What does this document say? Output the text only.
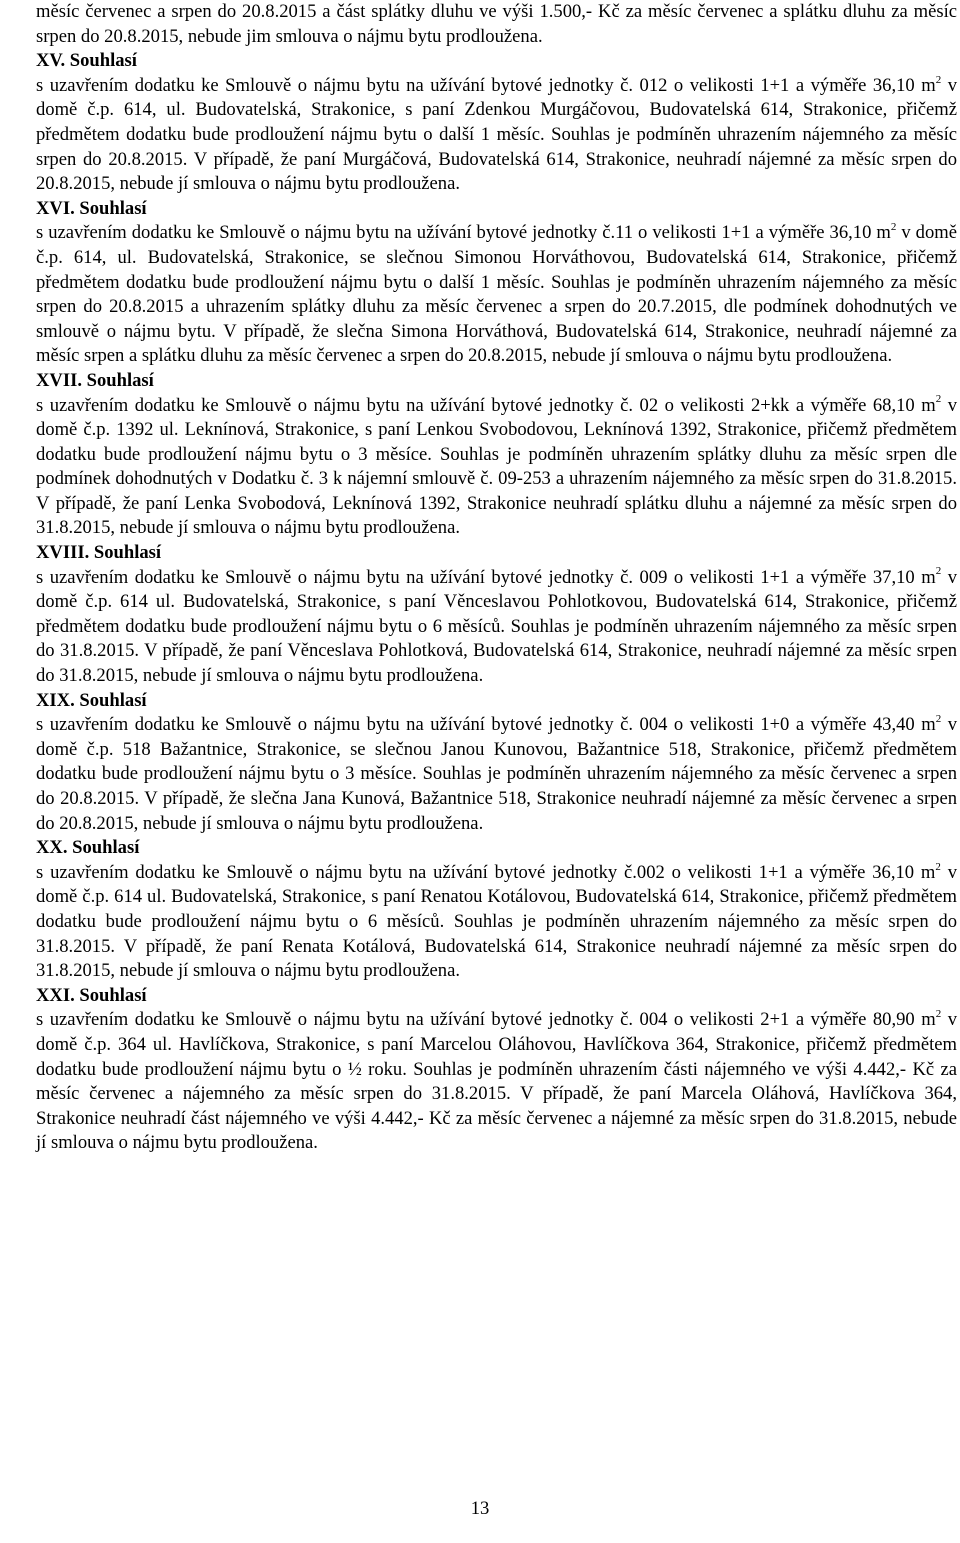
měsíc červenec a srpen do 20.8.2015 a část splátky dluhu ve výši 1.500,- Kč za měsíc červenec a splátku dluhu za měsíc srpen do 20.8.2015, nebude jim smlouva o nájmu bytu prodloužena.

XV. Souhlasí

s uzavřením dodatku ke Smlouvě o nájmu bytu na užívání bytové jednotky č. 012 o velikosti 1+1 a výměře 36,10 $m^2$ v domě č.p. 614, ul. Budovatelská, Strakonice, s paní Zdenkou Murgáčovou, Budovatelská 614, Strakonice, přičemž předmětem dodatku bude prodloužení nájmu bytu o další 1 měsíc. Souhlas je podmíněn uhrazením nájemného za měsíc srpen do 20.8.2015. V případě, že paní Murgáčová, Budovatelská 614, Strakonice, neuhradí nájemné za měsíc srpen do 20.8.2015, nebude jí smlouva o nájmu bytu prodloužena.

XVI. Souhlasí

s uzavřením dodatku ke Smlouvě o nájmu bytu na užívání bytové jednotky č.11 o velikosti 1+1 a výměře 36,10 $m^2$ v domě č.p. 614, ul. Budovatelská, Strakonice, se slečnou Simonou Horváthovou, Budovatelská 614, Strakonice, přičemž předmětem dodatku bude prodloužení nájmu bytu o další 1 měsíc. Souhlas je podmíněn uhrazením nájemného za měsíc srpen do 20.8.2015 a uhrazením splátky dluhu za měsíc červenec a srpen do 20.7.2015, dle podmínek dohodnutých ve smlouvě o nájmu bytu. V případě, že slečna Simona Horváthová, Budovatelská 614, Strakonice, neuhradí nájemné za měsíc srpen a splátku dluhu za měsíc červenec a srpen do 20.8.2015, nebude jí smlouva o nájmu bytu prodloužena.

XVII. Souhlasí

s uzavřením dodatku ke Smlouvě o nájmu bytu na užívání bytové jednotky č. 02 o velikosti 2+kk a výměře 68,10 $m^2$ v domě č.p. 1392 ul. Leknínová, Strakonice, s paní Lenkou Svobodovou, Leknínová 1392, Strakonice, přičemž předmětem dodatku bude prodloužení nájmu bytu o 3 měsíce. Souhlas je podmíněn uhrazením splátky dluhu za měsíc srpen dle podmínek dohodnutých v Dodatku č. 3 k nájemní smlouvě č. 09-253 a uhrazením nájemného za měsíc srpen do 31.8.2015. V případě, že paní Lenka Svobodová, Leknínová 1392, Strakonice neuhradí splátku dluhu a nájemné za měsíc srpen do 31.8.2015, nebude jí smlouva o nájmu bytu prodloužena.

XVIII. Souhlasí

s uzavřením dodatku ke Smlouvě o nájmu bytu na užívání bytové jednotky č. 009 o velikosti 1+1 a výměře 37,10 $m^2$ v domě č.p. 614 ul. Budovatelská, Strakonice, s paní Věnceslavou Pohlotkovou, Budovatelská 614, Strakonice, přičemž předmětem dodatku bude prodloužení nájmu bytu o 6 měsíců. Souhlas je podmíněn uhrazením nájemného za měsíc srpen do 31.8.2015. V případě, že paní Věnceslava Pohlotková, Budovatelská 614, Strakonice, neuhradí nájemné za měsíc srpen do 31.8.2015, nebude jí smlouva o nájmu bytu prodloužena.

XIX. Souhlasí

s uzavřením dodatku ke Smlouvě o nájmu bytu na užívání bytové jednotky č. 004 o velikosti 1+0 a výměře 43,40 $m^2$ v domě č.p. 518 Bažantnice, Strakonice, se slečnou Janou Kunovou, Bažantnice 518, Strakonice, přičemž předmětem dodatku bude prodloužení nájmu bytu o 3 měsíce. Souhlas je podmíněn uhrazením nájemného za měsíc červenec a srpen do 20.8.2015. V případě, že slečna Jana Kunová, Bažantnice 518, Strakonice neuhradí nájemné za měsíc červenec a srpen do 20.8.2015, nebude jí smlouva o nájmu bytu prodloužena.

XX. Souhlasí

s uzavřením dodatku ke Smlouvě o nájmu bytu na užívání bytové jednotky č.002 o velikosti 1+1 a výměře 36,10 $m^2$ v domě č.p. 614 ul. Budovatelská, Strakonice, s paní Renatou Kotálovou, Budovatelská 614, Strakonice, přičemž předmětem dodatku bude prodloužení nájmu bytu o 6 měsíců. Souhlas je podmíněn uhrazením nájemného za měsíc srpen do 31.8.2015. V případě, že paní Renata Kotálová, Budovatelská 614, Strakonice neuhradí nájemné za měsíc srpen do 31.8.2015, nebude jí smlouva o nájmu bytu prodloužena.

XXI. Souhlasí

s uzavřením dodatku ke Smlouvě o nájmu bytu na užívání bytové jednotky č. 004 o velikosti 2+1 a výměře 80,90 $m^2$ v domě č.p. 364 ul. Havlíčkova, Strakonice, s paní Marcelou Oláhovou, Havlíčkova 364, Strakonice, přičemž předmětem dodatku bude prodloužení nájmu bytu o ½ roku. Souhlas je podmíněn uhrazením části nájemného ve výši 4.442,- Kč za měsíc červenec a nájemného za měsíc srpen do 31.8.2015. V případě, že paní Marcela Oláhová, Havlíčkova 364, Strakonice neuhradí část nájemného ve výši 4.442,- Kč za měsíc červenec a nájemné za měsíc srpen do 31.8.2015, nebude jí smlouva o nájmu bytu prodloužena.

13
